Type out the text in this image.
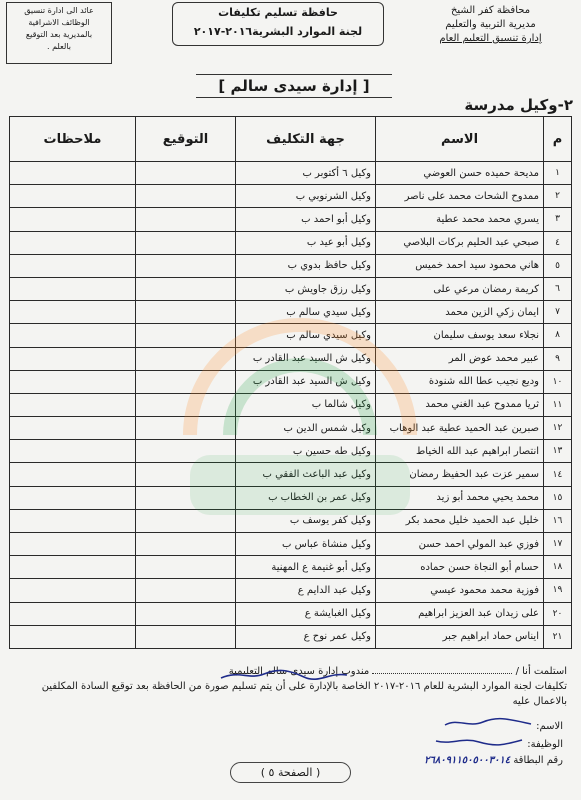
محافظة كفر الشيخ
مديرية التربية والتعليم
إدارة تنسيق التعليم العام
حافظة تسليم تكليفات
لجنة الموارد البشرية٢٠١٦-٢٠١٧
عائد الى ادارة تنسيق
الوظائف الاشرافية
بالمديرية بعد التوقيع
بالعلم .
[ إدارة سيدى سالم ]
٢-وكيل مدرسة
م	الاسم	جهة التكليف	التوقيع	ملاحظات
١	مديحة حميده حسن العوضي	وكيل ٦ أكتوبر ب		
٢	ممدوح الشحات محمد على ناصر	وكيل الشرنوبي ب		
٣	يسري محمد محمد عطية	وكيل أبو احمد ب		
٤	صبحي عبد الحليم بركات البلاصي	وكيل أبو عيد ب		
٥	هاني محمود سيد احمد خميس	وكيل حافظ بدوي ب		
٦	كريمة رمضان مرعي على	وكيل رزق جاويش ب		
٧	ايمان زكي الزين محمد	وكيل سيدي سالم ب		
٨	نجلاء سعد يوسف سليمان	وكيل سيدي سالم ب		
٩	عبير محمد عوض المر	وكيل ش السيد عبد القادر ب		
١٠	وديع نجيب عطا الله شنودة	وكيل ش السيد عبد القادر ب		
١١	ثريا ممدوح عبد الغني محمد	وكيل شالما ب		
١٢	صبرين عبد الحميد عطية عبد الوهاب	وكيل شمس الدين ب		
١٣	انتصار ابراهيم عبد الله الخياط	وكيل طه حسين ب		
١٤	سمير عزت عبد الحفيظ رمضان	وكيل عبد الباعث الفقي ب		
١٥	محمد يحيي محمد أبو زيد	وكيل عمر بن الخطاب ب		
١٦	خليل عبد الحميد خليل محمد بكر	وكيل كفر يوسف ب		
١٧	فوزي عبد المولي احمد حسن	وكيل منشاة عباس ب		
١٨	حسام أبو النجاة حسن حماده	وكيل أبو غنيمة ع المهنية		
١٩	فوزية محمد محمود عيسي	وكيل عبد الدايم ع		
٢٠	على زيدان عبد العزيز ابراهيم	وكيل الغبايشة ع		
٢١	ايناس حماد ابراهيم جبر	وكيل عمر نوح ع		
استلمت أنا /  مندوب إدارة سيدى سالم التعليمية
تكليفات لجنة الموارد البشرية للعام ٢٠١٦-٢٠١٧ الخاصة بالإدارة على أن يتم تسليم صورة من الحافظة بعد توقيع السادة المكلفين بالاعمال عليه
الاسم:
الوظيفة:
رقم البطاقة ٢٦٨٠٩١١٥٠٥٠٠٣٠١٤
( الصفحة ٥ )
